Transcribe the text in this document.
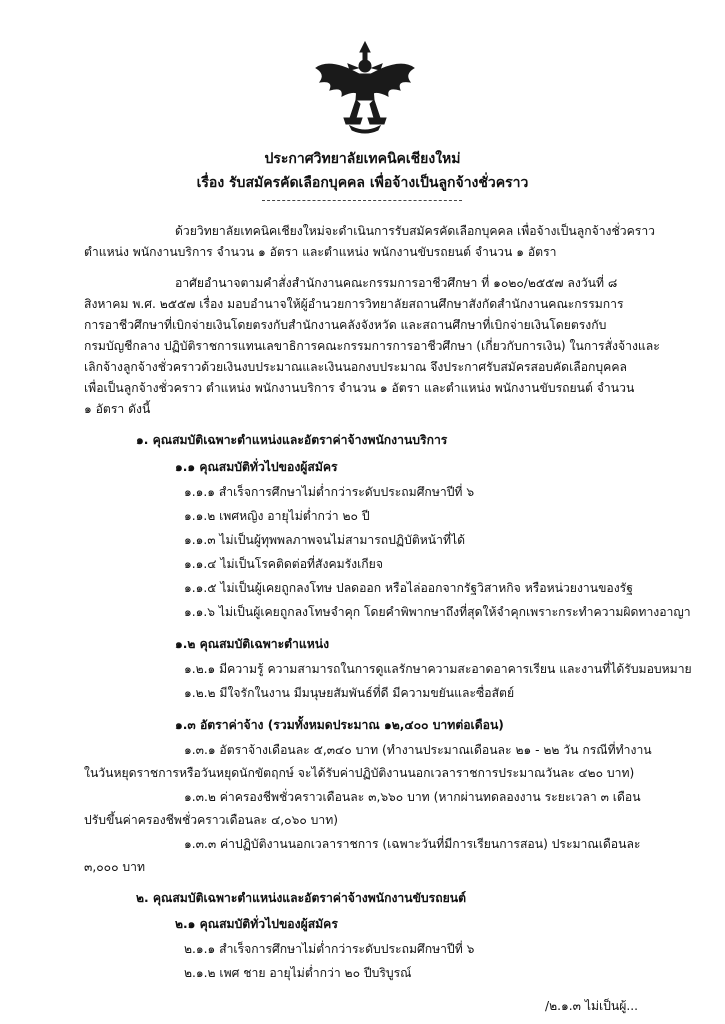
ประกาศวิทยาลัยเทคนิคเชียงใหม่
เรื่อง รับสมัครคัดเลือกบุคคล เพื่อจ้างเป็นลูกจ้างชั่วคราว
ด้วยวิทยาลัยเทคนิคเชียงใหม่จะดำเนินการรับสมัครคัดเลือกบุคคล เพื่อจ้างเป็นลูกจ้างชั่วคราว
ตำแหน่ง พนักงานบริการ จำนวน ๑ อัตรา และตำแหน่ง พนักงานขับรถยนต์ จำนวน ๑ อัตรา
อาศัยอำนาจตามคำสั่งสำนักงานคณะกรรมการอาชีวศึกษา ที่ ๑๐๒๐/๒๕๕๗ ลงวันที่ ๘
สิงหาคม พ.ศ. ๒๕๕๗ เรื่อง มอบอำนาจให้ผู้อำนวยการวิทยาลัยสถานศึกษาสังกัดสำนักงานคณะกรรมการ
การอาชีวศึกษาที่เบิกจ่ายเงินโดยตรงกับสำนักงานคลังจังหวัด และสถานศึกษาที่เบิกจ่ายเงินโดยตรงกับ
กรมบัญชีกลาง ปฏิบัติราชการแทนเลขาธิการคณะกรรมการการอาชีวศึกษา (เกี่ยวกับการเงิน) ในการสั่งจ้างและ
เลิกจ้างลูกจ้างชั่วคราวด้วยเงินงบประมาณและเงินนอกงบประมาณ จึงประกาศรับสมัครสอบคัดเลือกบุคคล
เพื่อเป็นลูกจ้างชั่วคราว ตำแหน่ง พนักงานบริการ จำนวน ๑ อัตรา และตำแหน่ง พนักงานขับรถยนต์ จำนวน
๑ อัตรา ดังนี้
๑. คุณสมบัติเฉพาะตำแหน่งและอัตราค่าจ้างพนักงานบริการ
๑.๑ คุณสมบัติทั่วไปของผู้สมัคร
๑.๑.๑ สำเร็จการศึกษาไม่ต่ำกว่าระดับประถมศึกษาปีที่ ๖
๑.๑.๒ เพศหญิง อายุไม่ต่ำกว่า ๒๐ ปี
๑.๑.๓ ไม่เป็นผู้ทุพพลภาพจนไม่สามารถปฏิบัติหน้าที่ได้
๑.๑.๔ ไม่เป็นโรคติดต่อที่สังคมรังเกียจ
๑.๑.๕ ไม่เป็นผู้เคยถูกลงโทษ ปลดออก หรือไล่ออกจากรัฐวิสาหกิจ หรือหน่วยงานของรัฐ
๑.๑.๖ ไม่เป็นผู้เคยถูกลงโทษจำคุก โดยคำพิพากษาถึงที่สุดให้จำคุกเพราะกระทำความผิดทางอาญา
๑.๒ คุณสมบัติเฉพาะตำแหน่ง
๑.๒.๑ มีความรู้ ความสามารถในการดูแลรักษาความสะอาดอาคารเรียน และงานที่ได้รับมอบหมาย
๑.๒.๒ มีใจรักในงาน มีมนุษยสัมพันธ์ที่ดี มีความขยันและซื่อสัตย์
๑.๓ อัตราค่าจ้าง (รวมทั้งหมดประมาณ ๑๒,๔๐๐ บาทต่อเดือน)
๑.๓.๑ อัตราจ้างเดือนละ ๕,๓๔๐ บาท (ทำงานประมาณเดือนละ ๒๑ - ๒๒ วัน กรณีที่ทำงาน
ในวันหยุดราชการหรือวันหยุดนักขัตฤกษ์ จะได้รับค่าปฏิบัติงานนอกเวลาราชการประมาณวันละ ๔๒๐ บาท)
๑.๓.๒ ค่าครองชีพชั่วคราวเดือนละ ๓,๖๖๐ บาท (หากผ่านทดลองงาน ระยะเวลา ๓ เดือน
ปรับขึ้นค่าครองชีพชั่วคราวเดือนละ ๔,๐๖๐ บาท)
๑.๓.๓ ค่าปฏิบัติงานนอกเวลาราชการ (เฉพาะวันที่มีการเรียนการสอน) ประมาณเดือนละ
๓,๐๐๐ บาท
๒. คุณสมบัติเฉพาะตำแหน่งและอัตราค่าจ้างพนักงานขับรถยนต์
๒.๑ คุณสมบัติทั่วไปของผู้สมัคร
๒.๑.๑ สำเร็จการศึกษาไม่ต่ำกว่าระดับประถมศึกษาปีที่ ๖
๒.๑.๒ เพศ ชาย อายุไม่ต่ำกว่า ๒๐ ปีบริบูรณ์
/๒.๑.๓ ไม่เป็นผู้...
